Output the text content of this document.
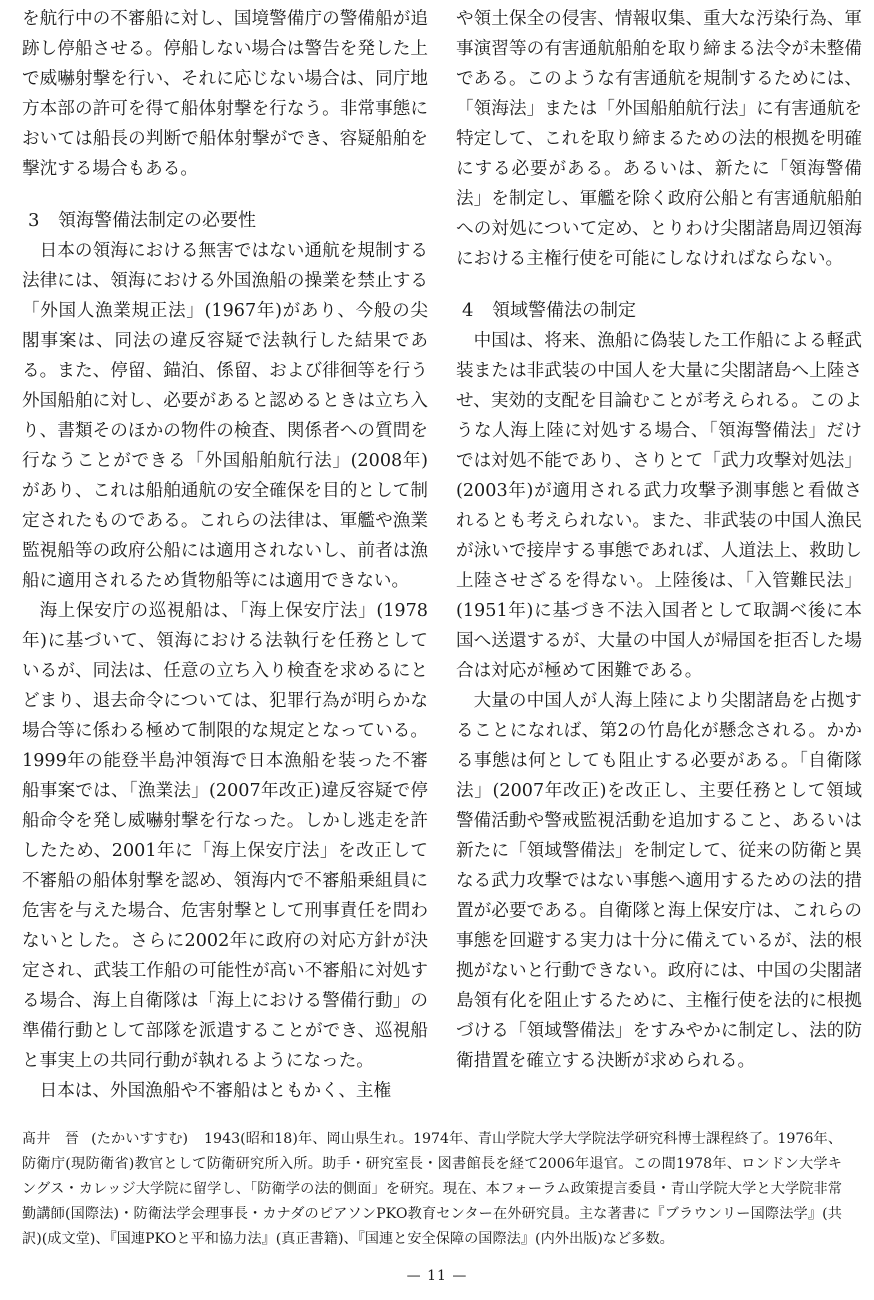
を航行中の不審船に対し、国境警備庁の警備船が追跡し停船させる。停船しない場合は警告を発した上で威嚇射撃を行い、それに応じない場合は、同庁地方本部の許可を得て船体射撃を行なう。非常事態においては船長の判断で船体射撃ができ、容疑船舶を撃沈する場合もある。

3 領海警備法制定の必要性

日本の領海における無害ではない通航を規制する法律には、領海における外国漁船の操業を禁止する「外国人漁業規正法」(1967年)があり、今般の尖閣事案は、同法の違反容疑で法執行した結果である。また、停留、錨泊、係留、および徘徊等を行う外国船舶に対し、必要があると認めるときは立ち入り、書類そのほかの物件の検査、関係者への質問を行なうことができる「外国船舶航行法」(2008年)があり、これは船舶通航の安全確保を目的として制定されたものである。これらの法律は、軍艦や漁業監視船等の政府公船には適用されないし、前者は漁船に適用されるため貨物船等には適用できない。

海上保安庁の巡視船は、「海上保安庁法」(1978年)に基づいて、領海における法執行を任務としているが、同法は、任意の立ち入り検査を求めるにとどまり、退去命令については、犯罪行為が明らかな場合等に係わる極めて制限的な規定となっている。1999年の能登半島沖領海で日本漁船を装った不審船事案では、「漁業法」(2007年改正)違反容疑で停船命令を発し威嚇射撃を行なった。しかし逃走を許したため、2001年に「海上保安庁法」を改正して不審船の船体射撃を認め、領海内で不審船乗組員に危害を与えた場合、危害射撃として刑事責任を問わないとした。さらに2002年に政府の対応方針が決定され、武装工作船の可能性が高い不審船に対処する場合、海上自衛隊は「海上における警備行動」の準備行動として部隊を派遣することができ、巡視船と事実上の共同行動が執れるようになった。

日本は、外国漁船や不審船はともかく、主権

や領土保全の侵害、情報収集、重大な汚染行為、軍事演習等の有害通航船舶を取り締まる法令が未整備である。このような有害通航を規制するためには、「領海法」または「外国船舶航行法」に有害通航を特定して、これを取り締まるための法的根拠を明確にする必要がある。あるいは、新たに「領海警備法」を制定し、軍艦を除く政府公船と有害通航船舶への対処について定め、とりわけ尖閣諸島周辺領海における主権行使を可能にしなければならない。

4 領域警備法の制定

中国は、将来、漁船に偽装した工作船による軽武装または非武装の中国人を大量に尖閣諸島へ上陸させ、実効的支配を目論むことが考えられる。このような人海上陸に対処する場合、「領海警備法」だけでは対処不能であり、さりとて「武力攻撃対処法」(2003年)が適用される武力攻撃予測事態と看做されるとも考えられない。また、非武装の中国人漁民が泳いで接岸する事態であれば、人道法上、救助し上陸させざるを得ない。上陸後は、「入管難民法」(1951年)に基づき不法入国者として取調べ後に本国へ送還するが、大量の中国人が帰国を拒否した場合は対応が極めて困難である。

大量の中国人が人海上陸により尖閣諸島を占拠することになれば、第2の竹島化が懸念される。かかる事態は何としても阻止する必要がある。「自衛隊法」(2007年改正)を改正し、主要任務として領域警備活動や警戒監視活動を追加すること、あるいは新たに「領域警備法」を制定して、従来の防衛と異なる武力攻撃ではない事態へ適用するための法的措置が必要である。自衛隊と海上保安庁は、これらの事態を回避する実力は十分に備えているが、法的根拠がないと行動できない。政府には、中国の尖閣諸島領有化を阻止するために、主権行使を法的に根拠づける「領域警備法」をすみやかに制定し、法的防衛措置を確立する決断が求められる。

髙井　晉 (たかいすすむ) 1943(昭和18)年、岡山県生れ。1974年、青山学院大学大学院法学研究科博士課程終了。1976年、防衛庁(現防衛省)教官として防衛研究所入所。助手・研究室長・図書館長を経て2006年退官。この間1978年、ロンドン大学キングス・カレッジ大学院に留学し、「防衛学の法的側面」を研究。現在、本フォーラム政策提言委員・青山学院大学と大学院非常勤講師(国際法)・防衛法学会理事長・カナダのピアソンPKO教育センター在外研究員。主な著書に『ブラウンリー国際法学』(共訳)(成文堂)、『国連PKOと平和協力法』(真正書籍)、『国連と安全保障の国際法』(内外出版)など多数。

— 11 —
